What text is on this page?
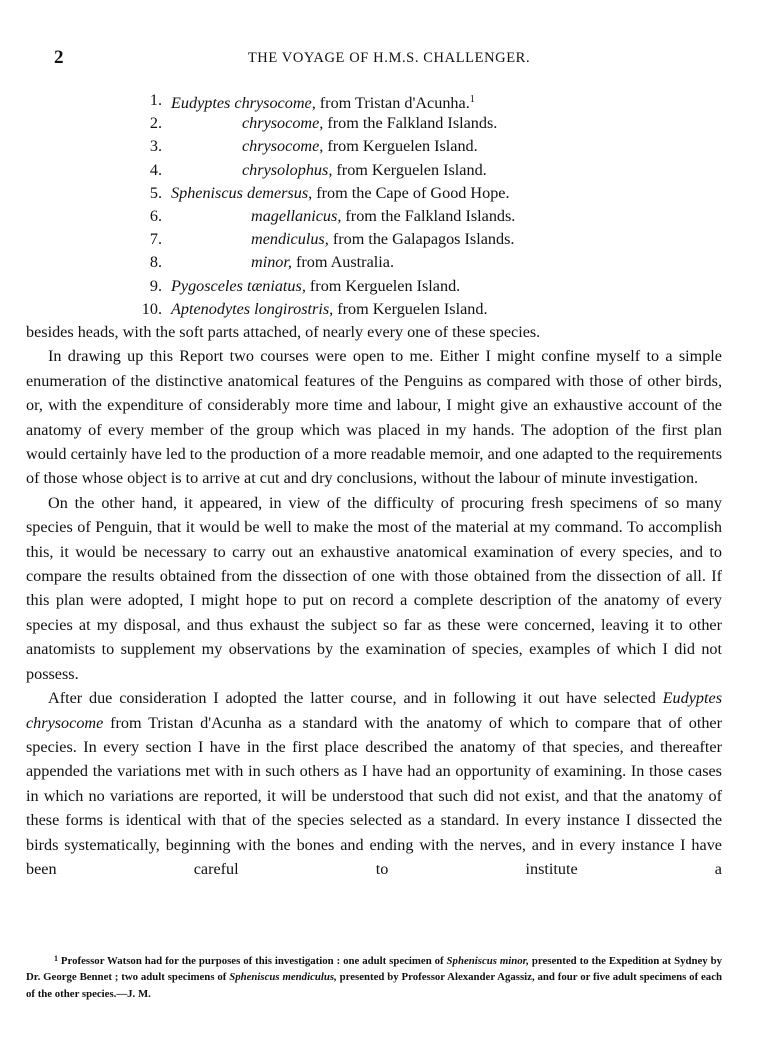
2	THE VOYAGE OF H.M.S. CHALLENGER.
1. Eudyptes chrysocome, from Tristan d'Acunha.$^1$
2.	chrysocome, from the Falkland Islands.
3.	chrysocome, from Kerguelen Island.
4.	chrysolophus, from Kerguelen Island.
5. Spheniscus demersus, from the Cape of Good Hope.
6.	magellanicus, from the Falkland Islands.
7.	mendiculus, from the Galapagos Islands.
8.	minor, from Australia.
9. Pygosceles tæniatus, from Kerguelen Island.
10. Aptenodytes longirostris, from Kerguelen Island.

besides heads, with the soft parts attached, of nearly every one of these species.

In drawing up this Report two courses were open to me. Either I might confine myself to a simple enumeration of the distinctive anatomical features of the Penguins as compared with those of other birds, or, with the expenditure of considerably more time and labour, I might give an exhaustive account of the anatomy of every member of the group which was placed in my hands. The adoption of the first plan would certainly have led to the production of a more readable memoir, and one adapted to the requirements of those whose object is to arrive at cut and dry conclusions, without the labour of minute investigation.

On the other hand, it appeared, in view of the difficulty of procuring fresh specimens of so many species of Penguin, that it would be well to make the most of the material at my command. To accomplish this, it would be necessary to carry out an exhaustive anatomical examination of every species, and to compare the results obtained from the dissection of one with those obtained from the dissection of all. If this plan were adopted, I might hope to put on record a complete description of the anatomy of every species at my disposal, and thus exhaust the subject so far as these were concerned, leaving it to other anatomists to supplement my observations by the examination of species, examples of which I did not possess.

After due consideration I adopted the latter course, and in following it out have selected Eudyptes chrysocome from Tristan d'Acunha as a standard with the anatomy of which to compare that of other species. In every section I have in the first place described the anatomy of that species, and thereafter appended the variations met with in such others as I have had an opportunity of examining. In those cases in which no variations are reported, it will be understood that such did not exist, and that the anatomy of these forms is identical with that of the species selected as a standard. In every instance I dissected the birds systematically, beginning with the bones and ending with the nerves, and in every instance I have been careful to institute a

$^1$ Professor Watson had for the purposes of this investigation : one adult specimen of Spheniscus minor, presented to the Expedition at Sydney by Dr. George Bennet ; two adult specimens of Spheniscus mendiculus, presented by Professor Alexander Agassiz, and four or five adult specimens of each of the other species.—J. M.
